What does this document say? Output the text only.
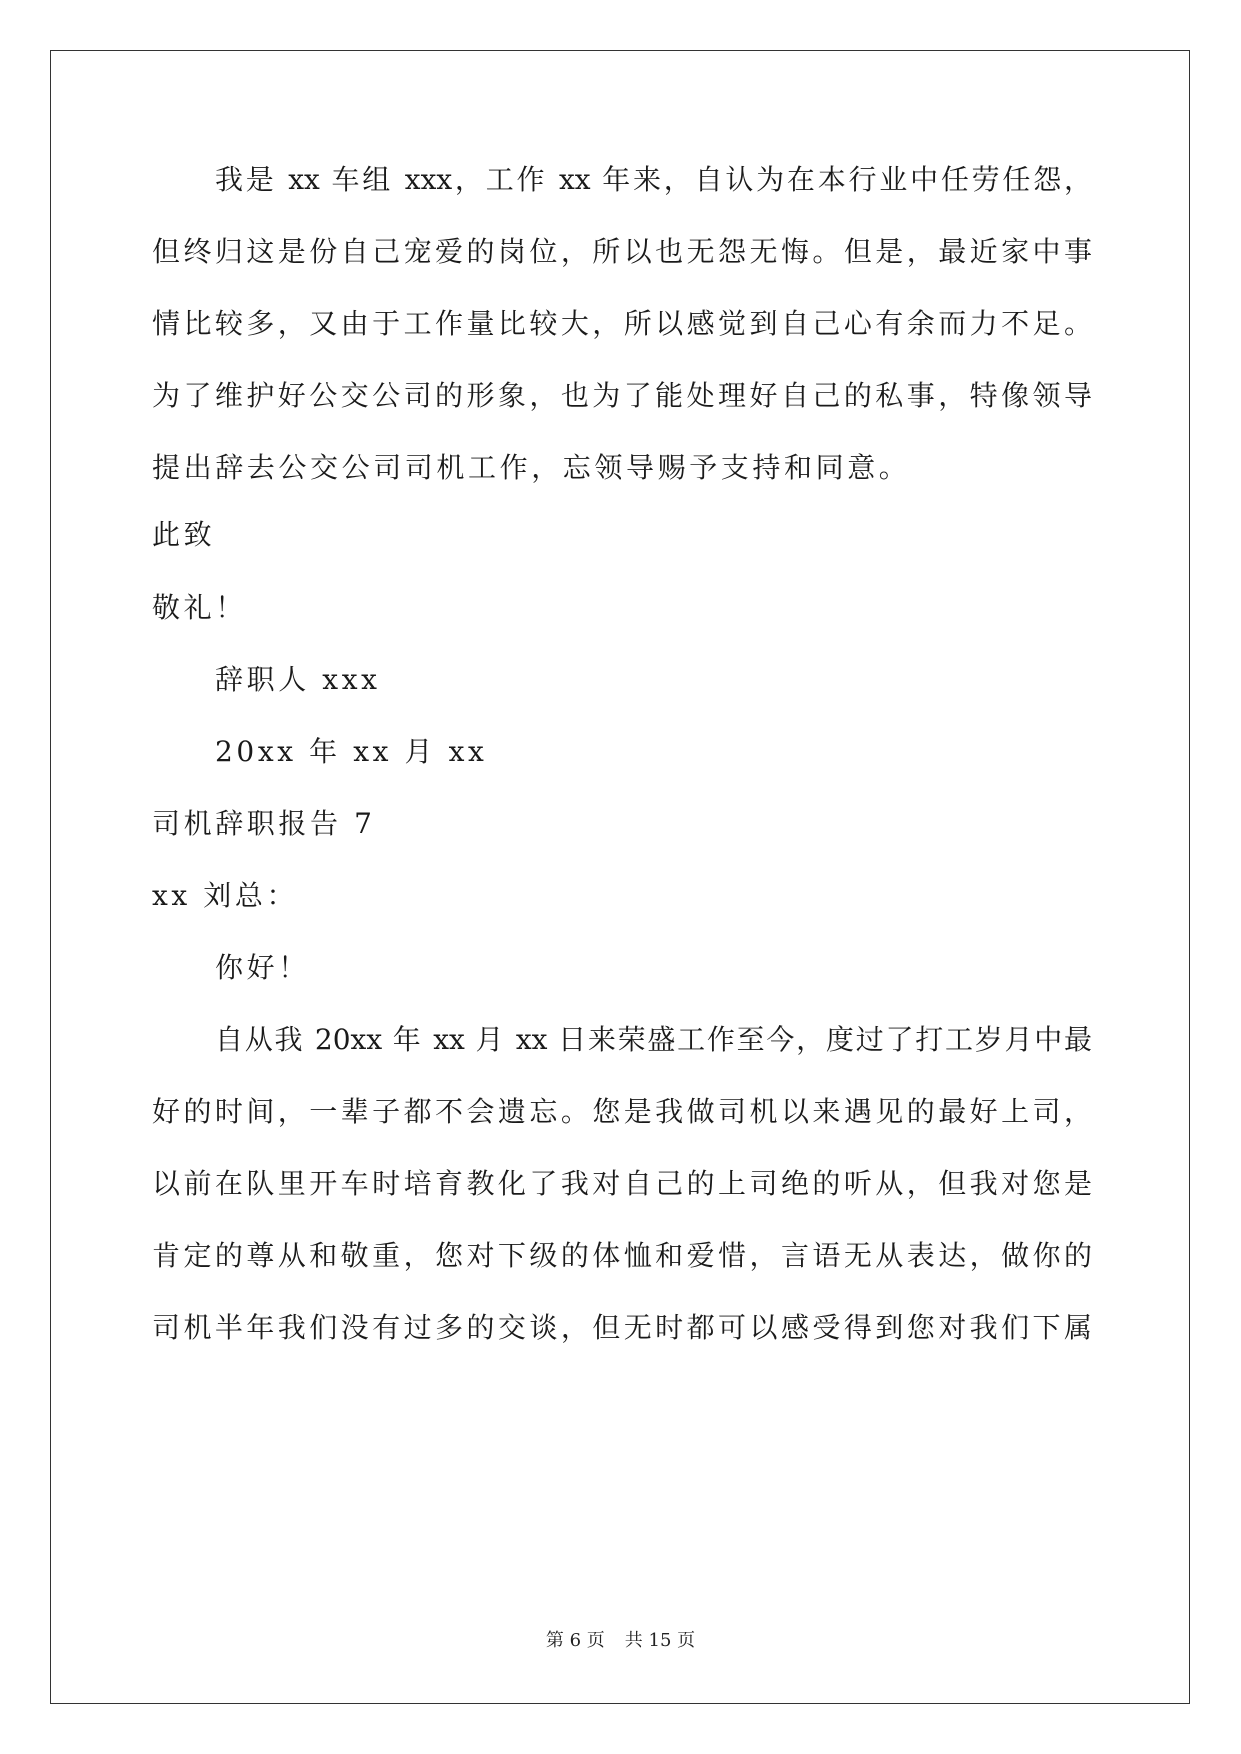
我是 xx 车组 xxx，工作 xx 年来，自认为在本行业中任劳任怨，
但终归这是份自己宠爱的岗位，所以也无怨无悔。但是，最近家中事
情比较多，又由于工作量比较大，所以感觉到自己心有余而力不足。
为了维护好公交公司的形象，也为了能处理好自己的私事，特像领导
提出辞去公交公司司机工作，忘领导赐予支持和同意。
此致
敬礼！
辞职人 xxx
20xx 年 xx 月 xx
司机辞职报告 7
xx 刘总：
你好！
自从我 20xx 年 xx 月 xx 日来荣盛工作至今，度过了打工岁月中最
好的时间，一辈子都不会遗忘。您是我做司机以来遇见的最好上司，
以前在队里开车时培育教化了我对自己的上司绝的听从，但我对您是
肯定的尊从和敬重，您对下级的体恤和爱惜，言语无从表达，做你的
司机半年我们没有过多的交谈，但无时都可以感受得到您对我们下属
第 6 页 共 15 页
